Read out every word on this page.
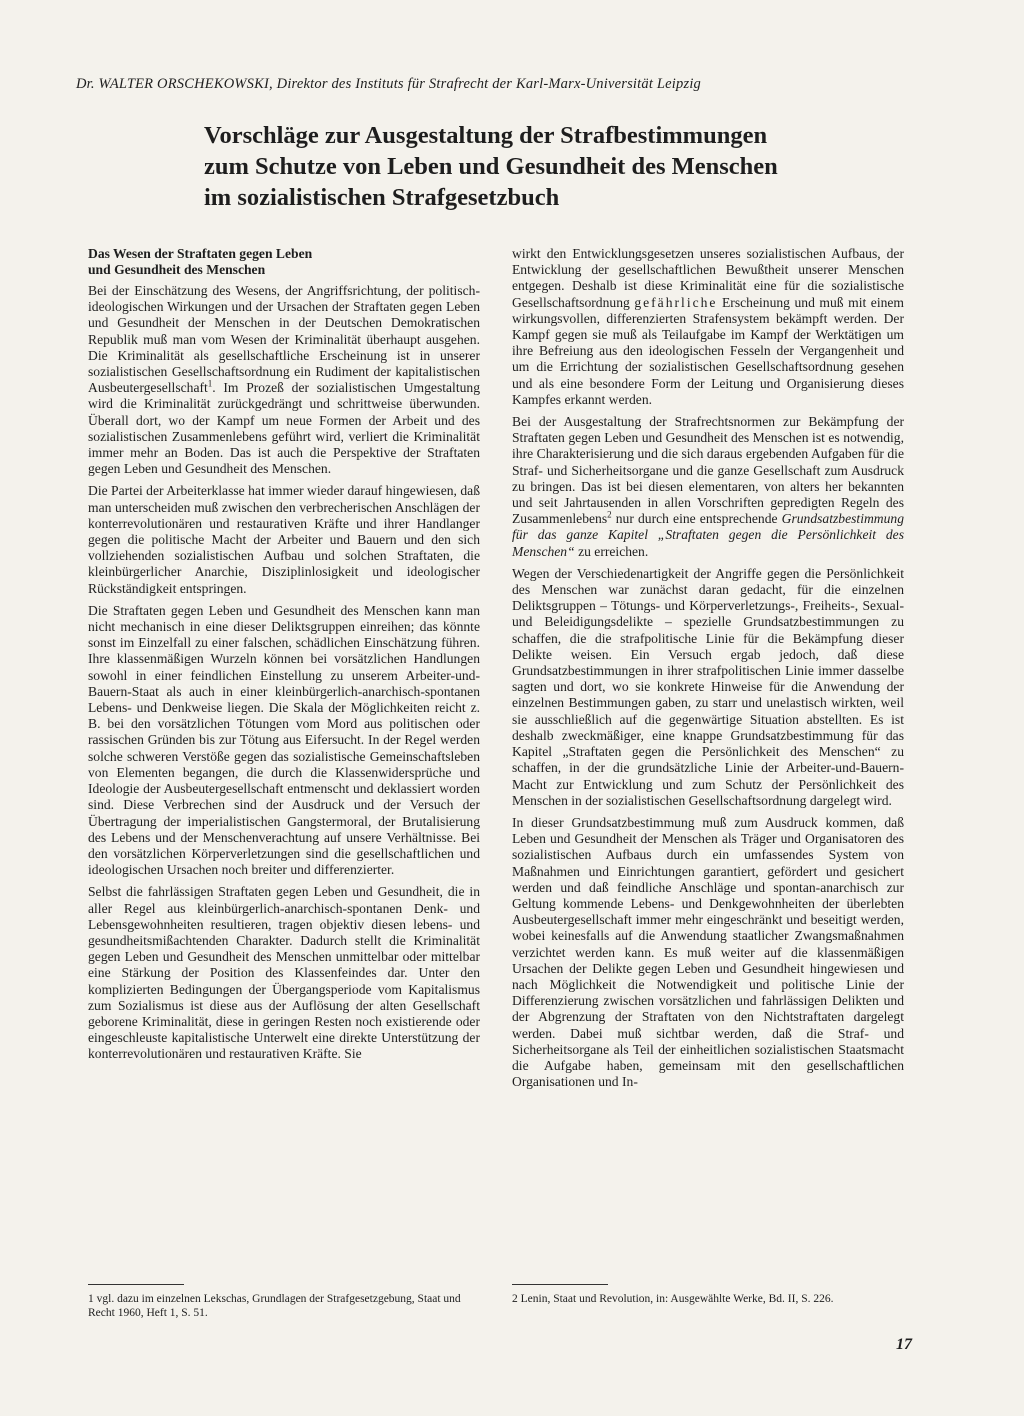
Dr. WALTER ORSCHEKOWSKI, Direktor des Instituts für Strafrecht der Karl-Marx-Universität Leipzig
Vorschläge zur Ausgestaltung der Strafbestimmungen
zum Schutze von Leben und Gesundheit des Menschen
im sozialistischen Strafgesetzbuch
Das Wesen der Straftaten gegen Leben
und Gesundheit des Menschen

Bei der Einschätzung des Wesens, der Angriffsrichtung, der politisch-ideologischen Wirkungen und der Ursachen der Straftaten gegen Leben und Gesundheit der Menschen in der Deutschen Demokratischen Republik muß man vom Wesen der Kriminalität überhaupt ausgehen. Die Kriminalität als gesellschaftliche Erscheinung ist in unserer sozialistischen Gesellschaftsordnung ein Rudiment der kapitalistischen Ausbeutergesellschaft$^1$. Im Prozeß der sozialistischen Umgestaltung wird die Kriminalität zurückgedrängt und schrittweise überwunden. Überall dort, wo der Kampf um neue Formen der Arbeit und des sozialistischen Zusammenlebens geführt wird, verliert die Kriminalität immer mehr an Boden. Das ist auch die Perspektive der Straftaten gegen Leben und Gesundheit des Menschen.

Die Partei der Arbeiterklasse hat immer wieder darauf hingewiesen, daß man unterscheiden muß zwischen den verbrecherischen Anschlägen der konterrevolutionären und restaurativen Kräfte und ihrer Handlanger gegen die politische Macht der Arbeiter und Bauern und den sich vollziehenden sozialistischen Aufbau und solchen Straftaten, die kleinbürgerlicher Anarchie, Disziplinlosigkeit und ideologischer Rückständigkeit entspringen.

Die Straftaten gegen Leben und Gesundheit des Menschen kann man nicht mechanisch in eine dieser Deliktsgruppen einreihen; das könnte sonst im Einzelfall zu einer falschen, schädlichen Einschätzung führen. Ihre klassenmäßigen Wurzeln können bei vorsätzlichen Handlungen sowohl in einer feindlichen Einstellung zu unserem Arbeiter-und-Bauern-Staat als auch in einer kleinbürgerlich-anarchisch-spontanen Lebens- und Denkweise liegen. Die Skala der Möglichkeiten reicht z. B. bei den vorsätzlichen Tötungen vom Mord aus politischen oder rassischen Gründen bis zur Tötung aus Eifersucht. In der Regel werden solche schweren Verstöße gegen das sozialistische Gemeinschaftsleben von Elementen begangen, die durch die Klassenwidersprüche und Ideologie der Ausbeutergesellschaft entmenscht und deklassiert worden sind. Diese Verbrechen sind der Ausdruck und der Versuch der Übertragung der imperialistischen Gangstermoral, der Brutalisierung des Lebens und der Menschenverachtung auf unsere Verhältnisse. Bei den vorsätzlichen Körperverletzungen sind die gesellschaftlichen und ideologischen Ursachen noch breiter und differenzierter.

Selbst die fahrlässigen Straftaten gegen Leben und Gesundheit, die in aller Regel aus kleinbürgerlich-anarchisch-spontanen Denk- und Lebensgewohnheiten resultieren, tragen objektiv diesen lebens- und gesundheitsmißachtenden Charakter. Dadurch stellt die Kriminalität gegen Leben und Gesundheit des Menschen unmittelbar oder mittelbar eine Stärkung der Position des Klassenfeindes dar. Unter den komplizierten Bedingungen der Übergangsperiode vom Kapitalismus zum Sozialismus ist diese aus der Auflösung der alten Gesellschaft geborene Kriminalität, diese in geringen Resten noch existierende oder eingeschleuste kapitalistische Unterwelt eine direkte Unterstützung der konterrevolutionären und restaurativen Kräfte. Sie

wirkt den Entwicklungsgesetzen unseres sozialistischen Aufbaus, der Entwicklung der gesellschaftlichen Bewußtheit unserer Menschen entgegen. Deshalb ist diese Kriminalität eine für die sozialistische Gesellschaftsordnung gefährliche Erscheinung und muß mit einem wirkungsvollen, differenzierten Strafensystem bekämpft werden. Der Kampf gegen sie muß als Teilaufgabe im Kampf der Werktätigen um ihre Befreiung aus den ideologischen Fesseln der Vergangenheit und um die Errichtung der sozialistischen Gesellschaftsordnung gesehen und als eine besondere Form der Leitung und Organisierung dieses Kampfes erkannt werden.

Bei der Ausgestaltung der Strafrechtsnormen zur Bekämpfung der Straftaten gegen Leben und Gesundheit des Menschen ist es notwendig, ihre Charakterisierung und die sich daraus ergebenden Aufgaben für die Straf- und Sicherheitsorgane und die ganze Gesellschaft zum Ausdruck zu bringen. Das ist bei diesen elementaren, von alters her bekannten und seit Jahrtausenden in allen Vorschriften gepredigten Regeln des Zusammenlebens$^2$ nur durch eine entsprechende Grundsatzbestimmung für das ganze Kapitel „Straftaten gegen die Persönlichkeit des Menschen“ zu erreichen.

Wegen der Verschiedenartigkeit der Angriffe gegen die Persönlichkeit des Menschen war zunächst daran gedacht, für die einzelnen Deliktsgruppen – Tötungs- und Körperverletzungs-, Freiheits-, Sexual- und Beleidigungsdelikte – spezielle Grundsatzbestimmungen zu schaffen, die die strafpolitische Linie für die Bekämpfung dieser Delikte weisen. Ein Versuch ergab jedoch, daß diese Grundsatzbestimmungen in ihrer strafpolitischen Linie immer dasselbe sagten und dort, wo sie konkrete Hinweise für die Anwendung der einzelnen Bestimmungen gaben, zu starr und unelastisch wirkten, weil sie ausschließlich auf die gegenwärtige Situation abstellten. Es ist deshalb zweckmäßiger, eine knappe Grundsatzbestimmung für das Kapitel „Straftaten gegen die Persönlichkeit des Menschen“ zu schaffen, in der die grundsätzliche Linie der Arbeiter-und-Bauern-Macht zur Entwicklung und zum Schutz der Persönlichkeit des Menschen in der sozialistischen Gesellschaftsordnung dargelegt wird.

In dieser Grundsatzbestimmung muß zum Ausdruck kommen, daß Leben und Gesundheit der Menschen als Träger und Organisatoren des sozialistischen Aufbaus durch ein umfassendes System von Maßnahmen und Einrichtungen garantiert, gefördert und gesichert werden und daß feindliche Anschläge und spontan-anarchisch zur Geltung kommende Lebens- und Denkgewohnheiten der überlebten Ausbeutergesellschaft immer mehr eingeschränkt und beseitigt werden, wobei keinesfalls auf die Anwendung staatlicher Zwangsmaßnahmen verzichtet werden kann. Es muß weiter auf die klassenmäßigen Ursachen der Delikte gegen Leben und Gesundheit hingewiesen und nach Möglichkeit die Notwendigkeit und politische Linie der Differenzierung zwischen vorsätzlichen und fahrlässigen Delikten und der Abgrenzung der Straftaten von den Nichtstraftaten dargelegt werden. Dabei muß sichtbar werden, daß die Straf- und Sicherheitsorgane als Teil der einheitlichen sozialistischen Staatsmacht die Aufgabe haben, gemeinsam mit den gesellschaftlichen Organisationen und In-

1 vgl. dazu im einzelnen Lekschas, Grundlagen der Strafgesetzgebung, Staat und Recht 1960, Heft 1, S. 51.
2 Lenin, Staat und Revolution, in: Ausgewählte Werke, Bd. II, S. 226.
17
